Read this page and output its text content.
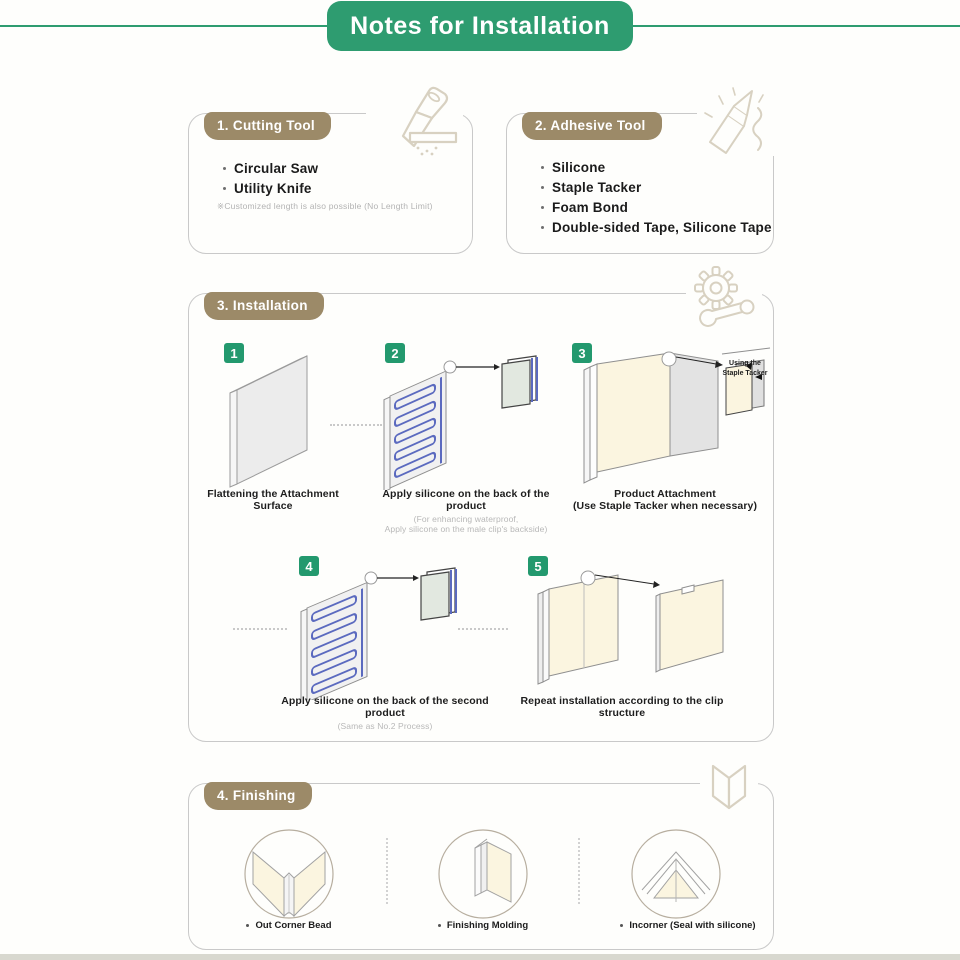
Notes for Installation
1. Cutting Tool
Circular Saw
Utility Knife
※Customized length is also possible (No Length Limit)
2. Adhesive Tool
Silicone
Staple Tacker
Foam Bond
Double-sided Tape, Silicone Tape
3. Installation
1	2	3
4	5
Using the
Staple Tacker
Flattening the Attachment Surface
Apply silicone on the back of the product
(For enhancing waterproof,
Apply silicone on the male clip's backside)
Product Attachment
(Use Staple Tacker when necessary)
Apply silicone on the back of the second product
(Same as No.2 Process)
Repeat installation according to the clip structure
4. Finishing
Out Corner Bead	Finishing Molding	Incorner (Seal with silicone)
